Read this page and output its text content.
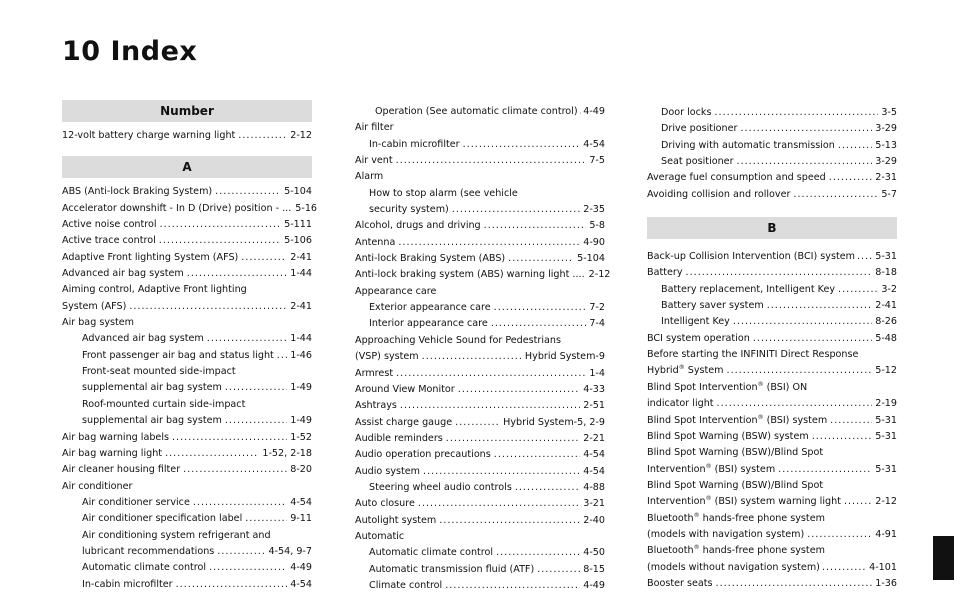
10 Index
Number
12-volt battery charge warning light .....	2-12
A
ABS (Anti-lock Braking System) .....	5-104
Accelerator downshift - In D (Drive) position - ... 5-16
Active noise control .....	5-111
Active trace control .....	5-106
Adaptive Front lighting System (AFS) .....	2-41
Advanced air bag system .....	1-44
Aiming control, Adaptive Front lighting
System (AFS) .....	2-41
Air bag system
Advanced air bag system .....	1-44
Front passenger air bag and status light ..... 1-46
Front-seat mounted side-impact
supplemental air bag system .....	1-49
Roof-mounted curtain side-impact
supplemental air bag system .....	1-49
Air bag warning labels .....	1-52
Air bag warning light .....	1-52, 2-18
Air cleaner housing filter .....	8-20
Air conditioner
Air conditioner service .....	4-54
Air conditioner specification label .....	9-11
Air conditioning system refrigerant and
lubricant recommendations .....	4-54, 9-7
Automatic climate control .....	4-49
In-cabin microfilter .....	4-54
Operation (See automatic climate control) ..... 4-49
Air filter
In-cabin microfilter .....	4-54
Air vent .....	7-5
Alarm
How to stop alarm (see vehicle
security system) .....	2-35
Alcohol, drugs and driving .....	5-8
Antenna .....	4-90
Anti-lock Braking System (ABS) .....	5-104
Anti-lock braking system (ABS) warning light .... 2-12
Appearance care
Exterior appearance care .....	7-2
Interior appearance care .....	7-4
Approaching Vehicle Sound for Pedestrians
(VSP) system .....	Hybrid System-9
Armrest .....	1-4
Around View Monitor .....	4-33
Ashtrays .....	2-51
Assist charge gauge .....	Hybrid System-5, 2-9
Audible reminders .....	2-21
Audio operation precautions .....	4-54
Audio system .....	4-54
Steering wheel audio controls .....	4-88
Auto closure .....	3-21
Autolight system .....	2-40
Automatic
Automatic climate control .....	4-50
Automatic transmission fluid (ATF) .....	8-15
Climate control .....	4-49
Door locks .....	3-5
Drive positioner .....	3-29
Driving with automatic transmission .....	5-13
Seat positioner .....	3-29
Average fuel consumption and speed .....	2-31
Avoiding collision and rollover .....	5-7
B
Back-up Collision Intervention (BCI) system ..... 5-31
Battery .....	8-18
Battery replacement, Intelligent Key .....	3-2
Battery saver system .....	2-41
Intelligent Key .....	8-26
BCI system operation .....	5-48
Before starting the INFINITI Direct Response
Hybrid® System .....	5-12
Blind Spot Intervention® (BSI) ON
indicator light .....	2-19
Blind Spot Intervention® (BSI) system .....	5-31
Blind Spot Warning (BSW) system .....	5-31
Blind Spot Warning (BSW)/Blind Spot
Intervention® (BSI) system .....	5-31
Blind Spot Warning (BSW)/Blind Spot
Intervention® (BSI) system warning light .....	2-12
Bluetooth® hands-free phone system
(models with navigation system) .....	4-91
Bluetooth® hands-free phone system
(models without navigation system) .....	4-101
Booster seats .....	1-36
